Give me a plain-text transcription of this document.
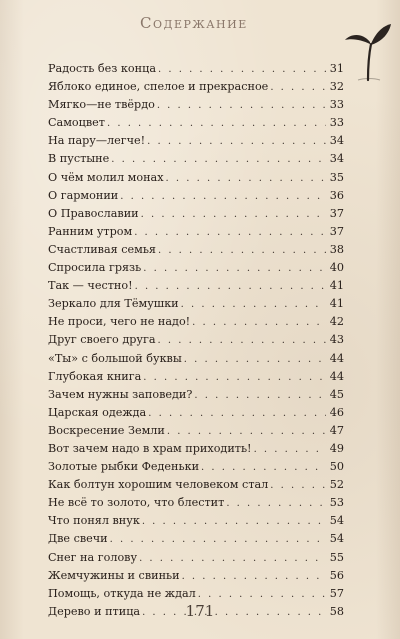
Содержание
Радость без конца . . .	31
Яблоко единое, спелое и прекрасное . . .	32
Мягко—не твёрдо . . .	33
Самоцвет . . .	33
На пару—легче! . . .	34
В пустыне . . .	34
О чём молил монах . . .	35
О гармонии . . .	36
О Православии . . .	37
Ранним утром . . .	37
Счастливая семья . . .	38
Спросила грязь . . .	40
Так — честно! . . .	41
Зеркало для Тёмушки . . .	41
Не проси, чего не надо! . . .	42
Друг своего друга . . .	43
«Ты» с большой буквы . . .	44
Глубокая книга . . .	44
Зачем нужны заповеди? . . .	45
Царская одежда . . .	46
Воскресение Земли . . .	47
Вот зачем надо в храм приходить! . . .	49
Золотые рыбки Феденьки . . .	50
Как болтун хорошим человеком стал . . .	52
Не всё то золото, что блестит . . .	53
Что понял внук . . .	54
Две свечи . . .	54
Снег на голову . . .	55
Жемчужины и свиньи . . .	56
Помощь, откуда не ждал . . .	57
Дерево и птица . . .	58
171
